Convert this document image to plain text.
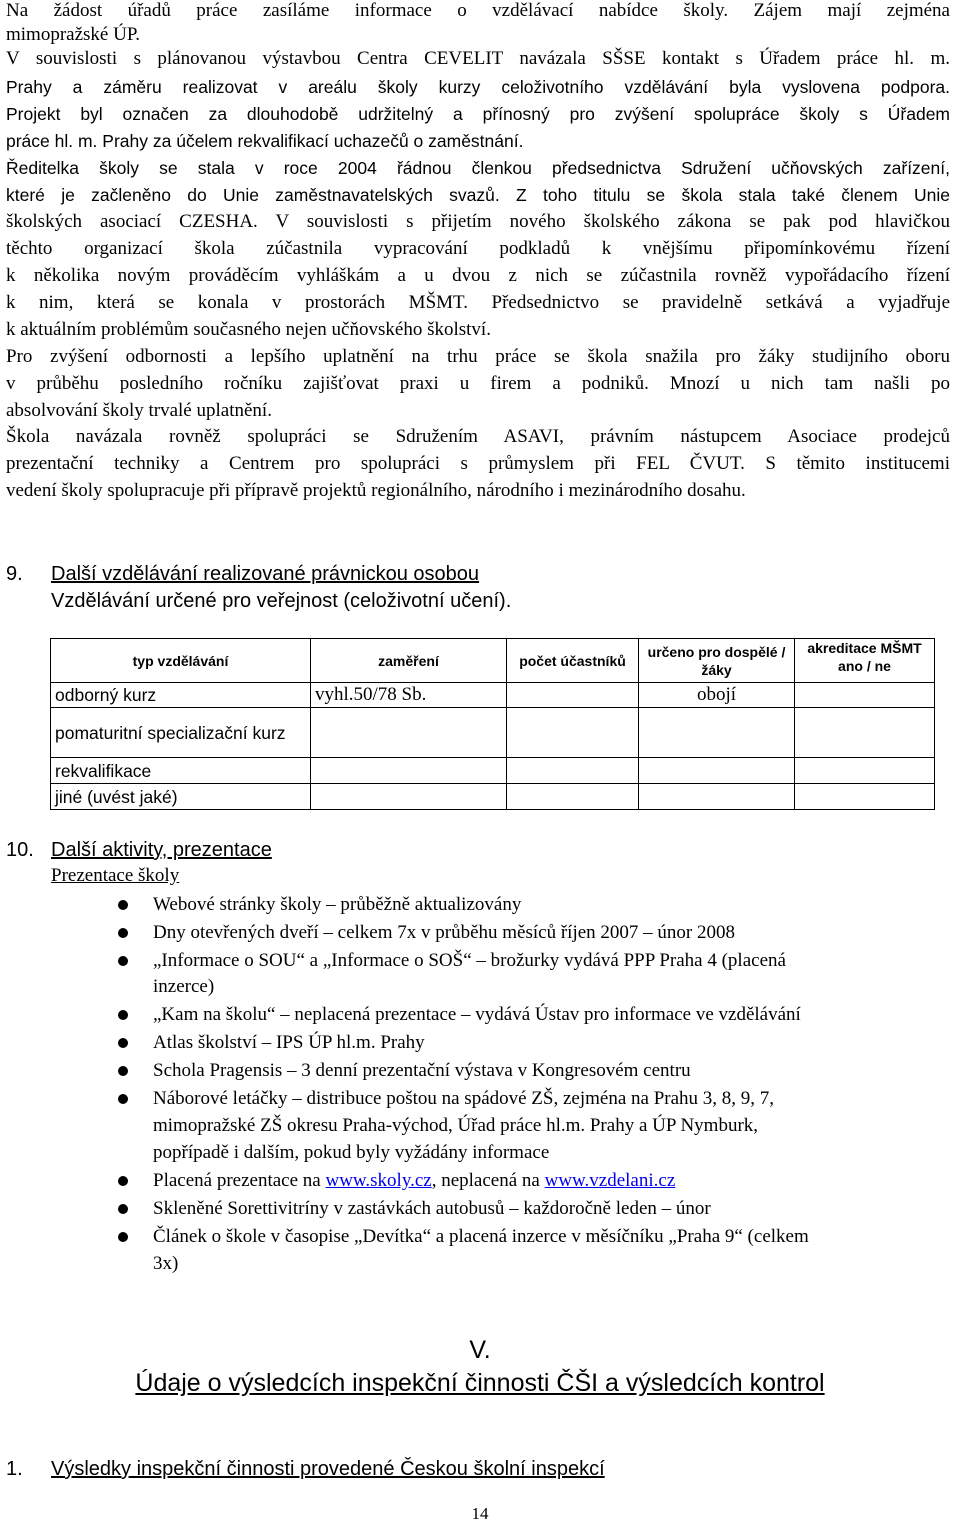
Na žádost úřadů práce zasíláme informace o vzdělávací nabídce školy. Zájem mají zejména
mimopražské ÚP.
V souvislosti s plánovanou výstavbou Centra CEVELIT navázala SŠSE kontakt s Úřadem práce hl. m.
Prahy a záměru realizovat v areálu školy kurzy celoživotního vzdělávání byla vyslovena podpora.
Projekt byl označen za dlouhodobě udržitelný a přínosný pro zvýšení spolupráce školy s Úřadem
práce hl. m. Prahy za účelem rekvalifikací uchazečů o zaměstnání.
Ředitelka školy se stala v roce 2004 řádnou členkou předsednictva Sdružení učňovských zařízení,
které je začleněno do Unie zaměstnavatelských svazů. Z toho titulu se škola stala také členem Unie
školských asociací CZESHA. V souvislosti s přijetím nového školského zákona se pak pod hlavičkou
těchto organizací škola zúčastnila vypracování podkladů k vnějšímu připomínkovému řízení
k několika novým prováděcím vyhláškám a u dvou z nich se zúčastnila rovněž vypořádacího řízení
k nim, která se konala v prostorách MŠMT. Předsednictvo se pravidelně setkává a vyjadřuje
k aktuálním problémům současného nejen učňovského školství.
Pro zvýšení odbornosti a lepšího uplatnění na trhu práce se škola snažila pro žáky studijního oboru
v průběhu posledního ročníku zajišťovat praxi u firem a podniků. Mnozí u nich tam našli po
absolvování školy trvalé uplatnění.
Škola navázala rovněž spolupráci se Sdružením ASAVI, právním nástupcem Asociace prodejců
prezentační techniky a Centrem pro spolupráci s průmyslem při FEL ČVUT. S těmito institucemi
vedení školy spolupracuje při přípravě projektů regionálního, národního i mezinárodního dosahu.
9. Další vzdělávání realizované právnickou osobou
Vzdělávání určené pro veřejnost (celoživotní učení).
typ vzdělávání	zaměření	počet účastníků	určeno pro dospělé / žáky	akreditace MŠMT ano / ne
odborný kurz	vyhl.50/78 Sb.		obojí	
pomaturitní specializační kurz				
rekvalifikace				
jiné (uvést jaké)				
10. Další aktivity, prezentace
Prezentace školy
Webové stránky školy – průběžně aktualizovány
Dny otevřených dveří – celkem 7x v průběhu měsíců říjen 2007 – únor 2008
„Informace o SOU“ a „Informace o SOŠ“ – brožurky vydává PPP Praha 4 (placená
inzerce)
„Kam na školu“ – neplacená prezentace – vydává Ústav pro informace ve vzdělávání
Atlas školství – IPS ÚP hl.m. Prahy
Schola Pragensis – 3 denní prezentační výstava v Kongresovém centru
Náborové letáčky – distribuce poštou na spádové ZŠ, zejména na Prahu 3, 8, 9, 7,
mimopražské ZŠ okresu Praha-východ, Úřad práce hl.m. Prahy a ÚP Nymburk,
popřípadě i dalším, pokud byly vyžádány informace
Placená prezentace na www.skoly.cz, neplacená na www.vzdelani.cz
Skleněné Sorettivitríny v zastávkách autobusů – každoročně leden – únor
Článek o škole v časopise „Devítka“ a placená inzerce v měsíčníku „Praha 9“ (celkem
3x)
V.
Údaje o výsledcích inspekční činnosti ČŠI a výsledcích kontrol
1. Výsledky inspekční činnosti provedené Českou školní inspekcí
14
